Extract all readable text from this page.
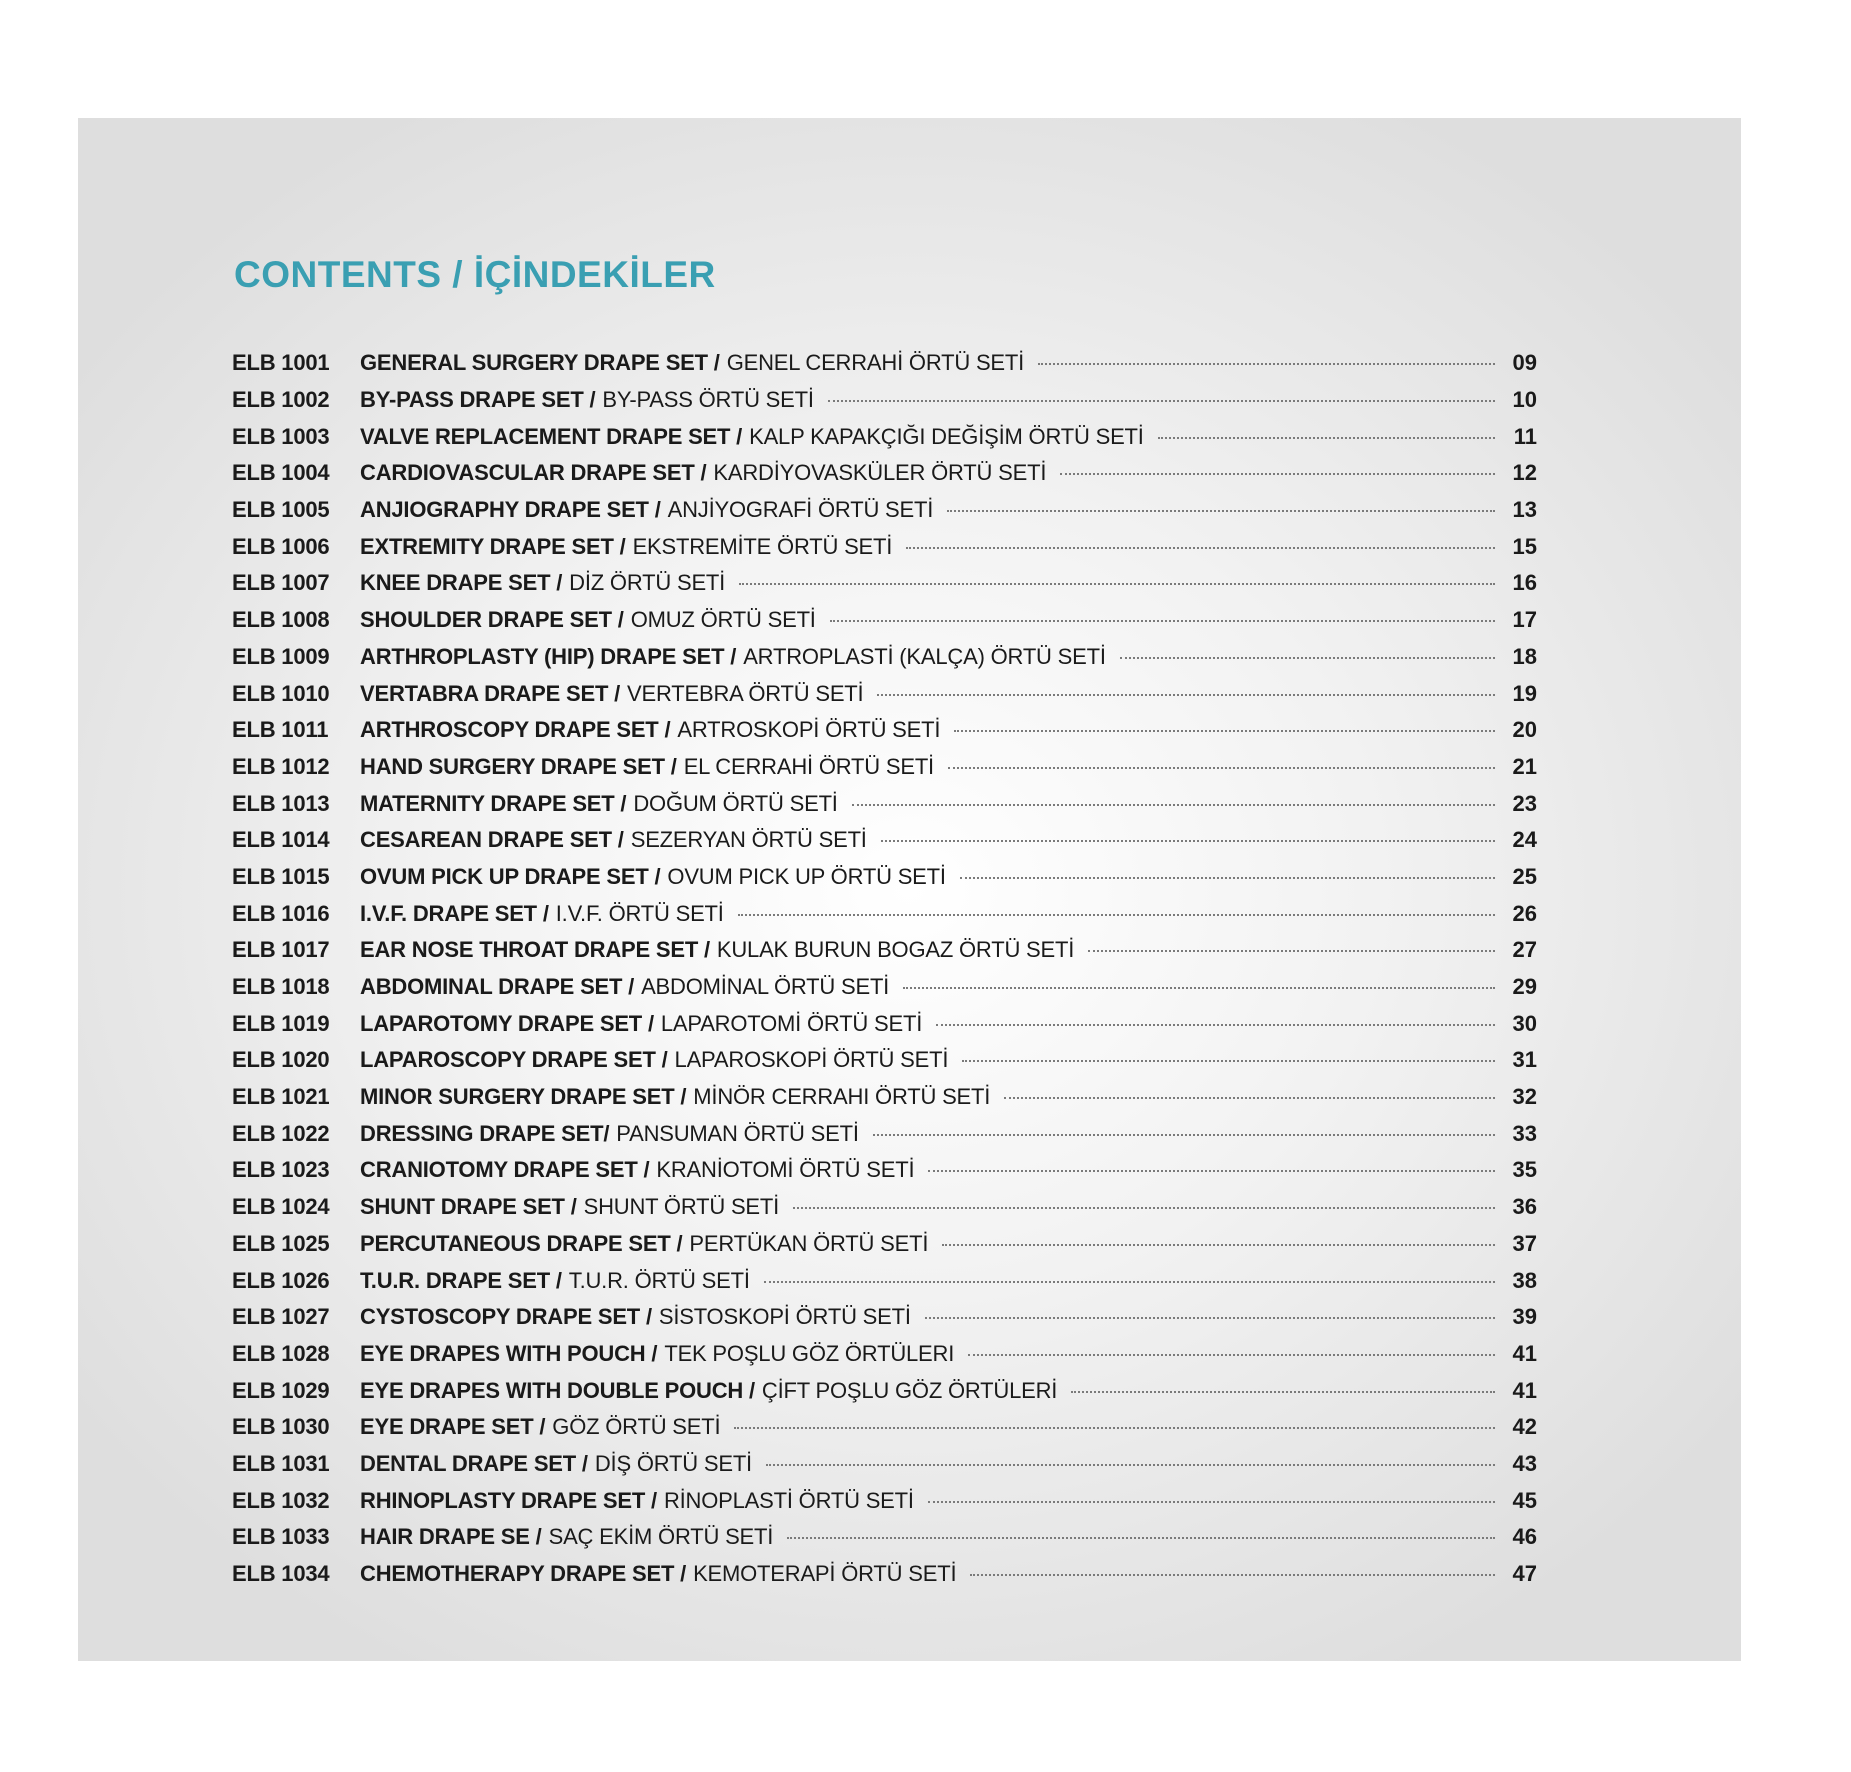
CONTENTS / İÇİNDEKİLER
ELB 1001	GENERAL SURGERY DRAPE SET / GENEL CERRAHİ ÖRTÜ SETİ	09
ELB 1002	BY-PASS DRAPE SET / BY-PASS ÖRTÜ SETİ	10
ELB 1003	VALVE REPLACEMENT DRAPE SET / KALP KAPAKÇIĞI DEĞİŞİM ÖRTÜ SETİ	11
ELB 1004	CARDIOVASCULAR DRAPE SET / KARDİYOVASKÜLER ÖRTÜ SETİ	12
ELB 1005	ANJIOGRAPHY DRAPE SET / ANJİYOGRAFİ ÖRTÜ SETİ	13
ELB 1006	EXTREMITY DRAPE SET / EKSTREMİTE ÖRTÜ SETİ	15
ELB 1007	KNEE DRAPE SET / DİZ ÖRTÜ SETİ	16
ELB 1008	SHOULDER DRAPE SET / OMUZ ÖRTÜ SETİ	17
ELB 1009	ARTHROPLASTY (HIP) DRAPE SET / ARTROPLASTİ (KALÇA) ÖRTÜ SETİ	18
ELB 1010	VERTABRA DRAPE SET / VERTEBRA ÖRTÜ SETİ	19
ELB 1011	ARTHROSCOPY DRAPE SET / ARTROSKOPİ ÖRTÜ SETİ	20
ELB 1012	HAND SURGERY DRAPE SET / EL CERRAHİ ÖRTÜ SETİ	21
ELB 1013	MATERNITY DRAPE SET / DOĞUM ÖRTÜ SETİ	23
ELB 1014	CESAREAN DRAPE SET / SEZERYAN ÖRTÜ SETİ	24
ELB 1015	OVUM PICK UP DRAPE SET / OVUM PICK UP ÖRTÜ SETİ	25
ELB 1016	I.V.F. DRAPE SET / I.V.F. ÖRTÜ SETİ	26
ELB 1017	EAR NOSE THROAT DRAPE SET / KULAK BURUN BOGAZ ÖRTÜ SETİ	27
ELB 1018	ABDOMINAL DRAPE SET / ABDOMİNAL ÖRTÜ SETİ	29
ELB 1019	LAPAROTOMY DRAPE SET / LAPAROTOMİ ÖRTÜ SETİ	30
ELB 1020	LAPAROSCOPY DRAPE SET / LAPAROSKOPİ ÖRTÜ SETİ	31
ELB 1021	MINOR SURGERY DRAPE SET / MİNÖR CERRAHI ÖRTÜ SETİ	32
ELB 1022	DRESSING DRAPE SET/ PANSUMAN ÖRTÜ SETİ	33
ELB 1023	CRANIOTOMY DRAPE SET / KRANİOTOMİ ÖRTÜ SETİ	35
ELB 1024	SHUNT DRAPE SET / SHUNT ÖRTÜ SETİ	36
ELB 1025	PERCUTANEOUS DRAPE SET / PERTÜKAN ÖRTÜ SETİ	37
ELB 1026	T.U.R. DRAPE SET / T.U.R. ÖRTÜ SETİ	38
ELB 1027	CYSTOSCOPY DRAPE SET / SİSTOSKOPİ ÖRTÜ SETİ	39
ELB 1028	EYE DRAPES WITH POUCH / TEK POŞLU GÖZ ÖRTÜLERI	41
ELB 1029	EYE DRAPES WITH DOUBLE POUCH / ÇİFT POŞLU GÖZ ÖRTÜLERİ	41
ELB 1030	EYE DRAPE SET / GÖZ ÖRTÜ SETİ	42
ELB 1031	DENTAL DRAPE SET / DİŞ ÖRTÜ SETİ	43
ELB 1032	RHINOPLASTY DRAPE SET / RİNOPLASTİ ÖRTÜ SETİ	45
ELB 1033	HAIR DRAPE SE / SAÇ EKİM ÖRTÜ SETİ	46
ELB 1034	CHEMOTHERAPY DRAPE SET / KEMOTERAPİ ÖRTÜ SETİ	47
